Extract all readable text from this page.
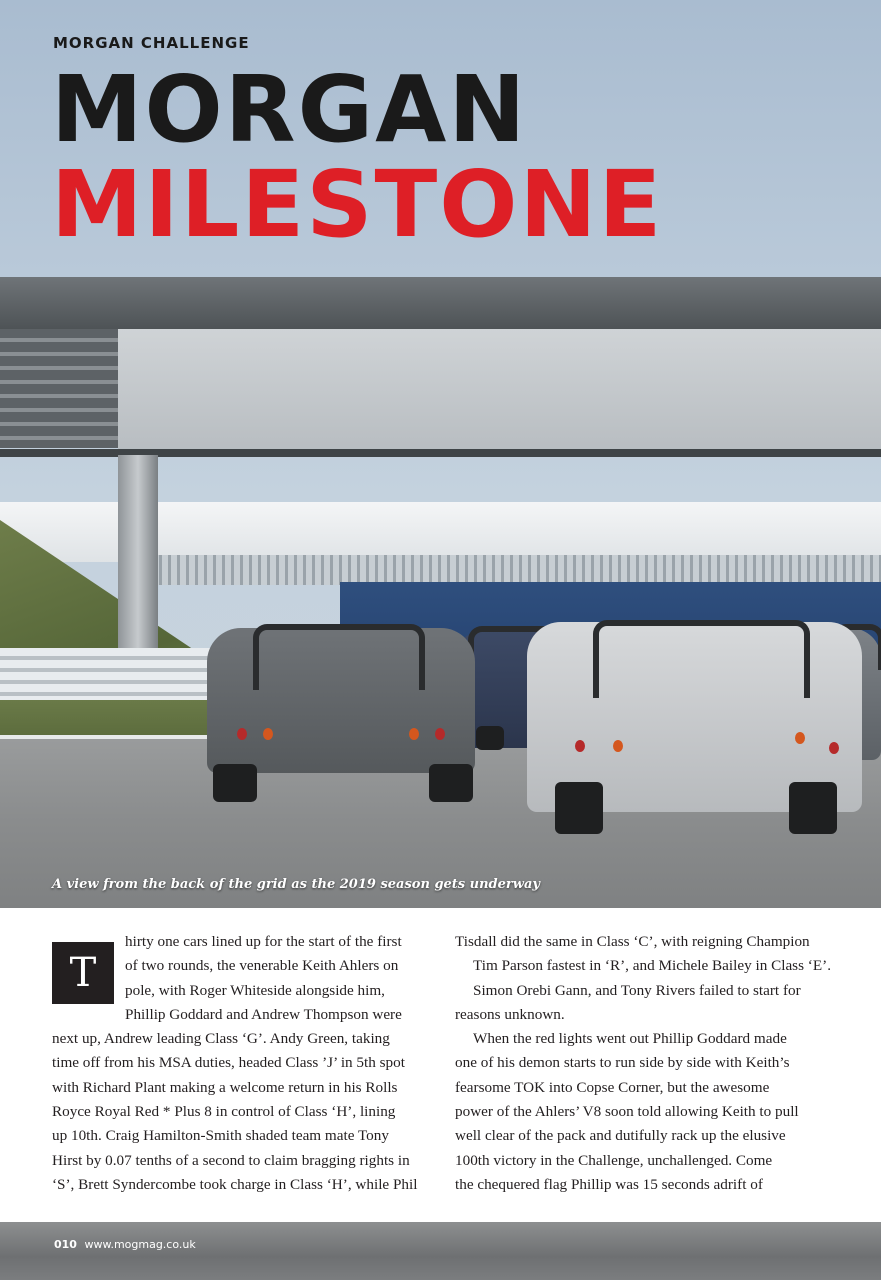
MORGAN CHALLENGE
MORGAN
MILESTONE
A view from the back of the grid as the 2019 season gets underway
T

hirty one cars lined up for the start of the first
of two rounds, the venerable Keith Ahlers on
pole, with Roger Whiteside alongside him,
Phillip Goddard and Andrew Thompson were
next up, Andrew leading Class ‘G’. Andy Green, taking
time off from his MSA duties, headed Class ’J’ in 5th spot
with Richard Plant making a welcome return in his Rolls
Royce Royal Red * Plus 8 in control of Class ‘H’, lining
up 10th. Craig Hamilton-Smith shaded team mate Tony
Hirst by 0.07 tenths of a second to claim bragging rights in
‘S’, Brett Syndercombe took charge in Class ‘H’, while Phil

Tisdall did the same in Class ‘C’, with reigning Champion
Tim Parson fastest in ‘R’, and Michele Bailey in Class ‘E’.

Simon Orebi Gann, and Tony Rivers failed to start for
reasons unknown.

When the red lights went out Phillip Goddard made
one of his demon starts to run side by side with Keith’s
fearsome TOK into Copse Corner, but the awesome
power of the Ahlers’ V8 soon told allowing Keith to pull
well clear of the pack and dutifully rack up the elusive
100th victory in the Challenge, unchallenged. Come
the chequered flag Phillip was 15 seconds adrift of

010 www.mogmag.co.uk
